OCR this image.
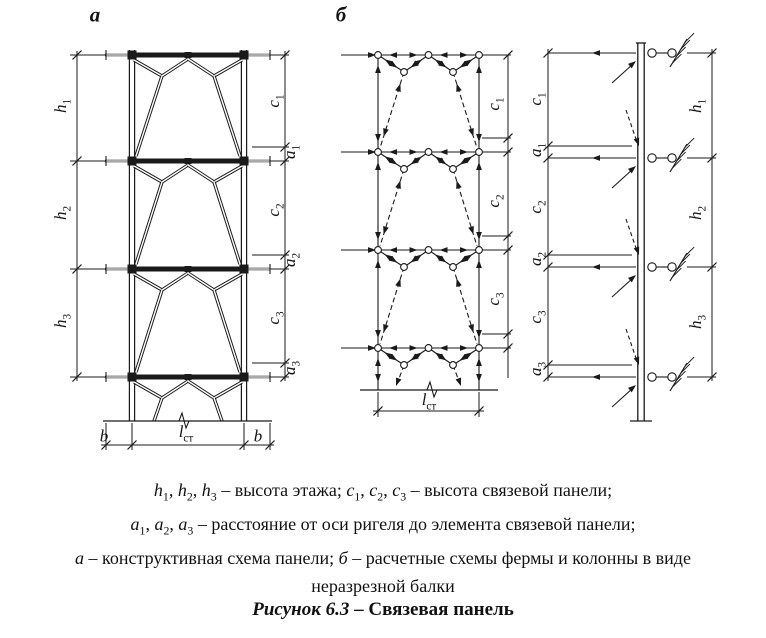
а	б
$h_1$
$h_2$
$h_3$
$c_1$
$a_1$
$c_2$
$a_2$
$c_3$
$a_3$
b	$l_{ст}$	b
$c_1$
$c_2$
$c_3$
$l_{ст}$
$c_1$
$a_1$
$c_2$
$a_2$
$c_3$
$a_3$
$h_1$
$h_2$
$h_3$
$h_1$, $h_2$, $h_3$ – высота этажа; $c_1$, $c_2$, $c_3$ – высота связевой панели;
$a_1$, $a_2$, $a_3$ – расстояние от оси ригеля до элемента связевой панели;
а – конструктивная схема панели; б – расчетные схемы фермы и колонны в виде
неразрезной балки
Рисунок 6.3 – Связевая панель
